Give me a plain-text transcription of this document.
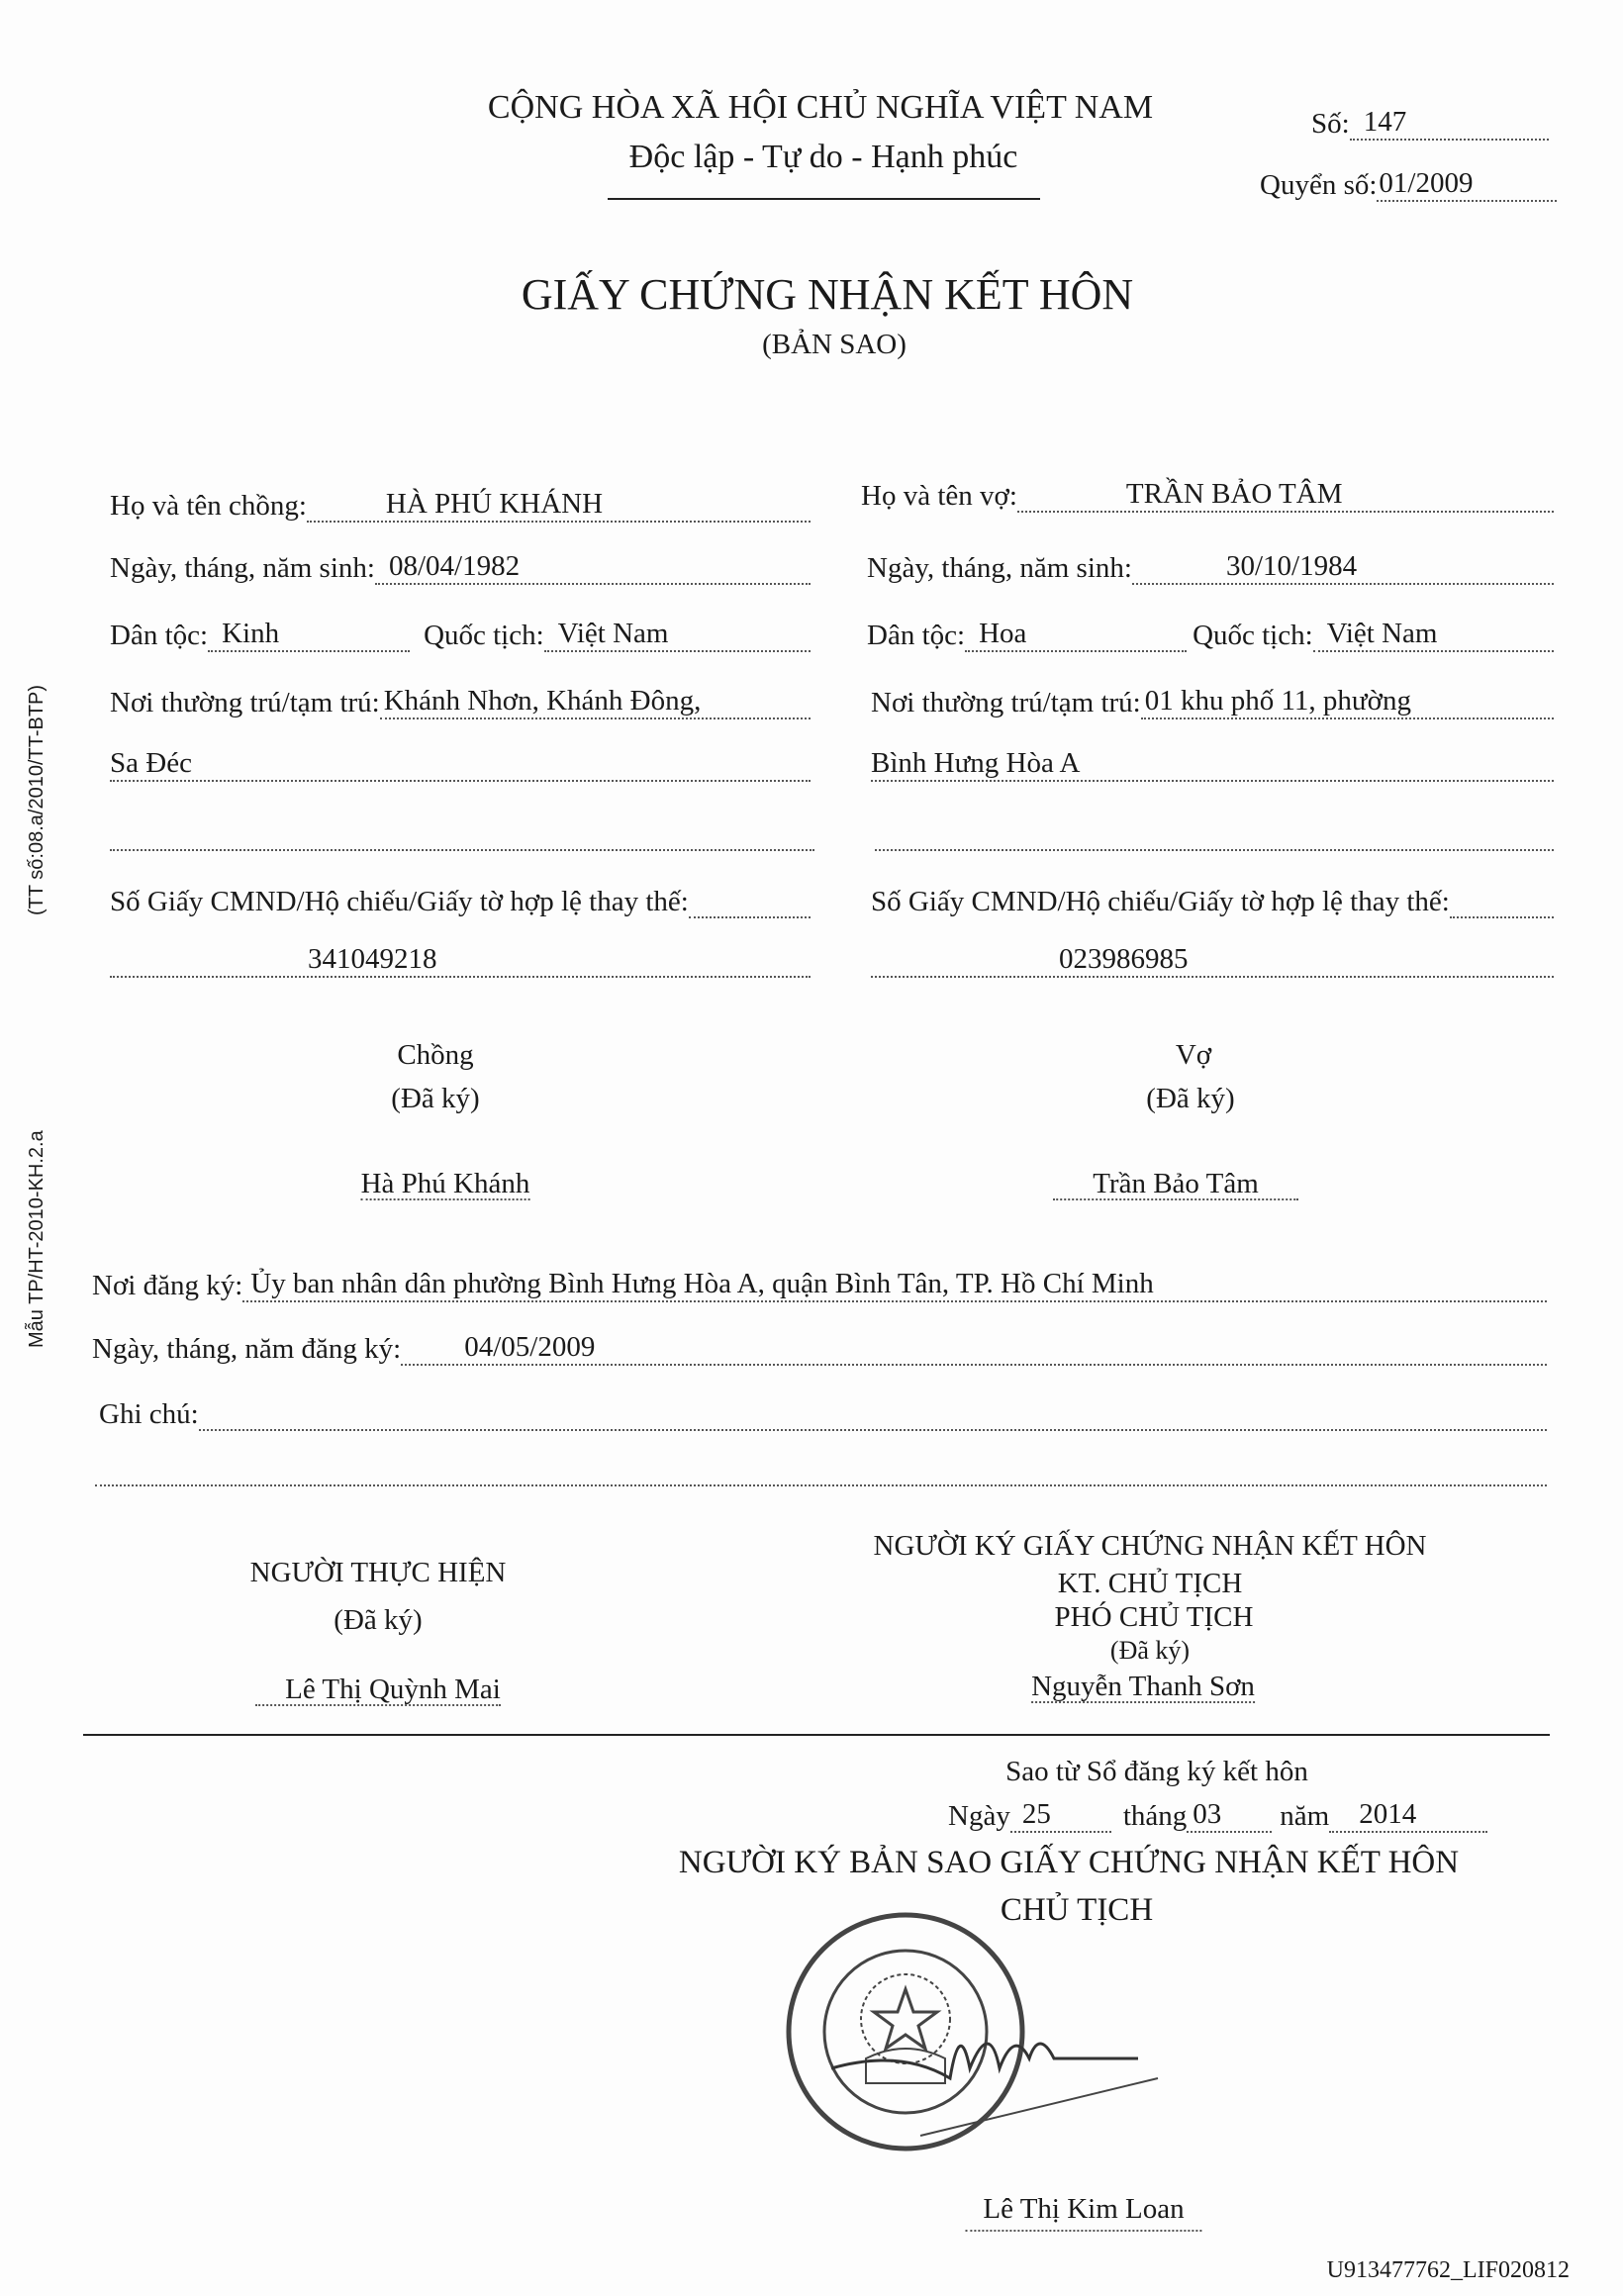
CỘNG HÒA XÃ HỘI CHỦ NGHĨA VIỆT NAM
Độc lập - Tự do - Hạnh phúc
Số: 147
Quyển số: 01/2009
GIẤY CHỨNG NHẬN KẾT HÔN
(BẢN SAO)
(TT số:08.a/2010/TT-BTP)
Mẫu TP/HT-2010-KH.2.a
Họ và tên chồng:	HÀ PHÚ KHÁNH
Ngày, tháng, năm sinh: 08/04/1982
Dân tộc: Kinh	Quốc tịch: Việt Nam
Nơi thường trú/tạm trú: Khánh Nhơn, Khánh Đông,
Sa Đéc
Số Giấy CMND/Hộ chiếu/Giấy tờ hợp lệ thay thế:
341049218
Họ và tên vợ:	TRẦN BẢO TÂM
Ngày, tháng, năm sinh:	30/10/1984
Dân tộc: Hoa	Quốc tịch: Việt Nam
Nơi thường trú/tạm trú: 01 khu phố 11, phường
Bình Hưng Hòa A
Số Giấy CMND/Hộ chiếu/Giấy tờ hợp lệ thay thế:
023986985
Chồng
(Đã ký)
Hà Phú Khánh
Vợ
(Đã ký)
Trần Bảo Tâm
Nơi đăng ký: Ủy ban nhân dân phường Bình Hưng Hòa A, quận Bình Tân, TP. Hồ Chí Minh
Ngày, tháng, năm đăng ký:	04/05/2009
Ghi chú:
NGƯỜI THỰC HIỆN
(Đã ký)
Lê Thị Quỳnh Mai
NGƯỜI KÝ GIẤY CHỨNG NHẬN KẾT HÔN
KT. CHỦ TỊCH
PHÓ CHỦ TỊCH
(Đã ký)
Nguyễn Thanh Sơn
Sao từ Sổ đăng ký kết hôn
Ngày 25	tháng 03	năm	2014
NGƯỜI KÝ BẢN SAO GIẤY CHỨNG NHẬN KẾT HÔN
CHỦ TỊCH
Lê Thị Kim Loan
U913477762_LIF020812
